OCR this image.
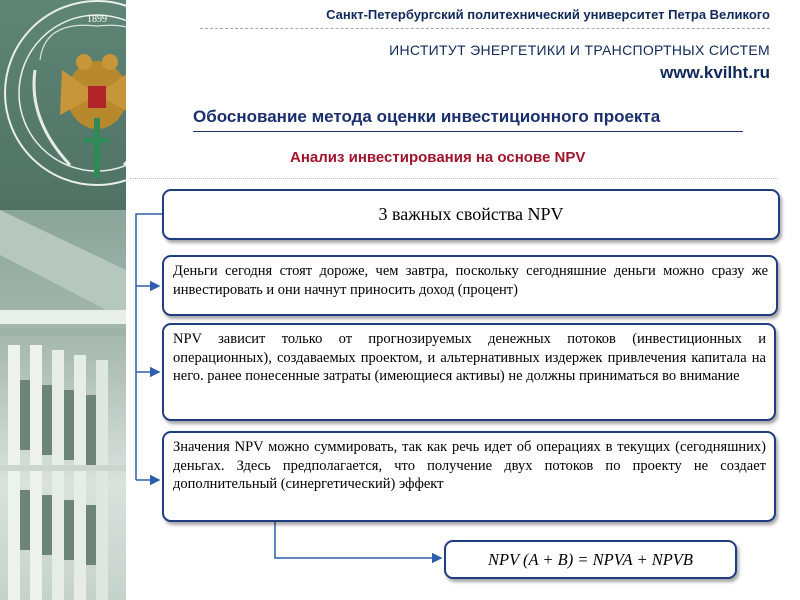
1899	Санкт-Петербургский политехнический университет Петра Великого
ИНСТИТУТ ЭНЕРГЕТИКИ И ТРАНСПОРТНЫХ СИСТЕМ
www.kvilht.ru
Обоснование метода оценки инвестиционного проекта
Анализ инвестирования на основе NPV
3 важных свойства NPV
Деньги сегодня стоят дороже, чем завтра, поскольку сегодняшние деньги можно сразу же инвестировать и они начнут приносить доход (процент)
NPV зависит только от прогнозируемых денежных потоков (инвестиционных и операционных), создаваемых проектом, и альтернативных издержек привлечения капитала на него. ранее понесенные затраты (имеющиеся активы) не должны приниматься во внимание
Значения NPV можно суммировать, так как речь идет об операциях в текущих (сегодняшних) деньгах. Здесь предполагается, что получение двух потоков по проекту не создает дополнительный (синергетический) эффект
NPV (A + B) = NPVA + NPVB
